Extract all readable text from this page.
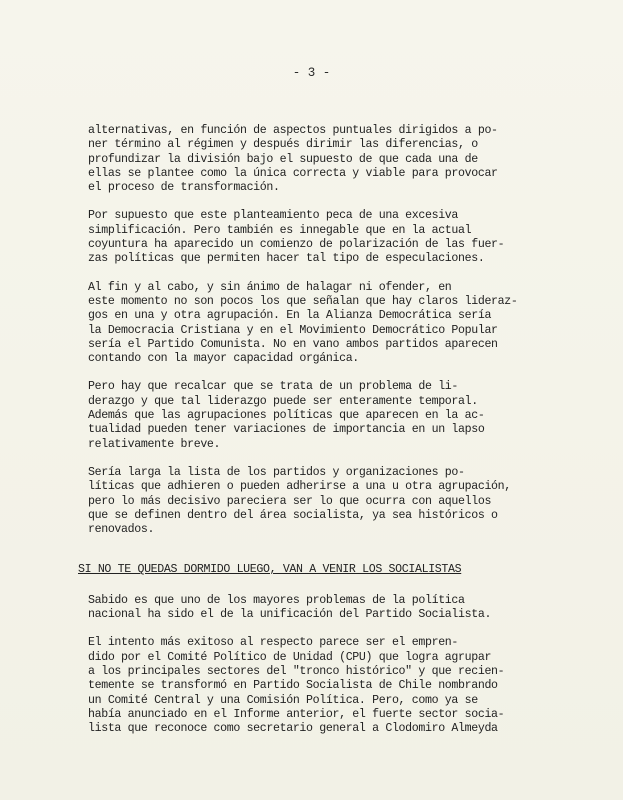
- 3 -
alternativas, en función de aspectos puntuales dirigidos a po-
ner término al régimen y después dirimir las diferencias, o
profundizar la división bajo el supuesto de que cada una de
ellas se plantee como la única correcta y viable para provocar
el proceso de transformación.
Por supuesto que este planteamiento peca de una excesiva
simplificación. Pero también es innegable que en la actual
coyuntura ha aparecido un comienzo de polarización de las fuer-
zas políticas que permiten hacer tal tipo de especulaciones.
Al fin y al cabo, y sin ánimo de halagar ni ofender, en
este momento no son pocos los que señalan que hay claros lideraz-
gos en una y otra agrupación. En la Alianza Democrática sería
la Democracia Cristiana y en el Movimiento Democrático Popular
sería el Partido Comunista. No en vano ambos partidos aparecen
contando con la mayor capacidad orgánica.
Pero hay que recalcar que se trata de un problema de li-
derazgo y que tal liderazgo puede ser enteramente temporal.
Además que las agrupaciones políticas que aparecen en la ac-
tualidad pueden tener variaciones de importancia en un lapso
relativamente breve.
Sería larga la lista de los partidos y organizaciones po-
líticas que adhieren o pueden adherirse a una u otra agrupación,
pero lo más decisivo pareciera ser lo que ocurra con aquellos
que se definen dentro del área socialista, ya sea históricos o
renovados.
SI NO TE QUEDAS DORMIDO LUEGO, VAN A VENIR LOS SOCIALISTAS
Sabido es que uno de los mayores problemas de la política
nacional ha sido el de la unificación del Partido Socialista.
El intento más exitoso al respecto parece ser el empren-
dido por el Comité Político de Unidad (CPU) que logra agrupar
a los principales sectores del "tronco histórico" y que recien-
temente se transformó en Partido Socialista de Chile nombrando
un Comité Central y una Comisión Política. Pero, como ya se
había anunciado en el Informe anterior, el fuerte sector socia-
lista que reconoce como secretario general a Clodomiro Almeyda
